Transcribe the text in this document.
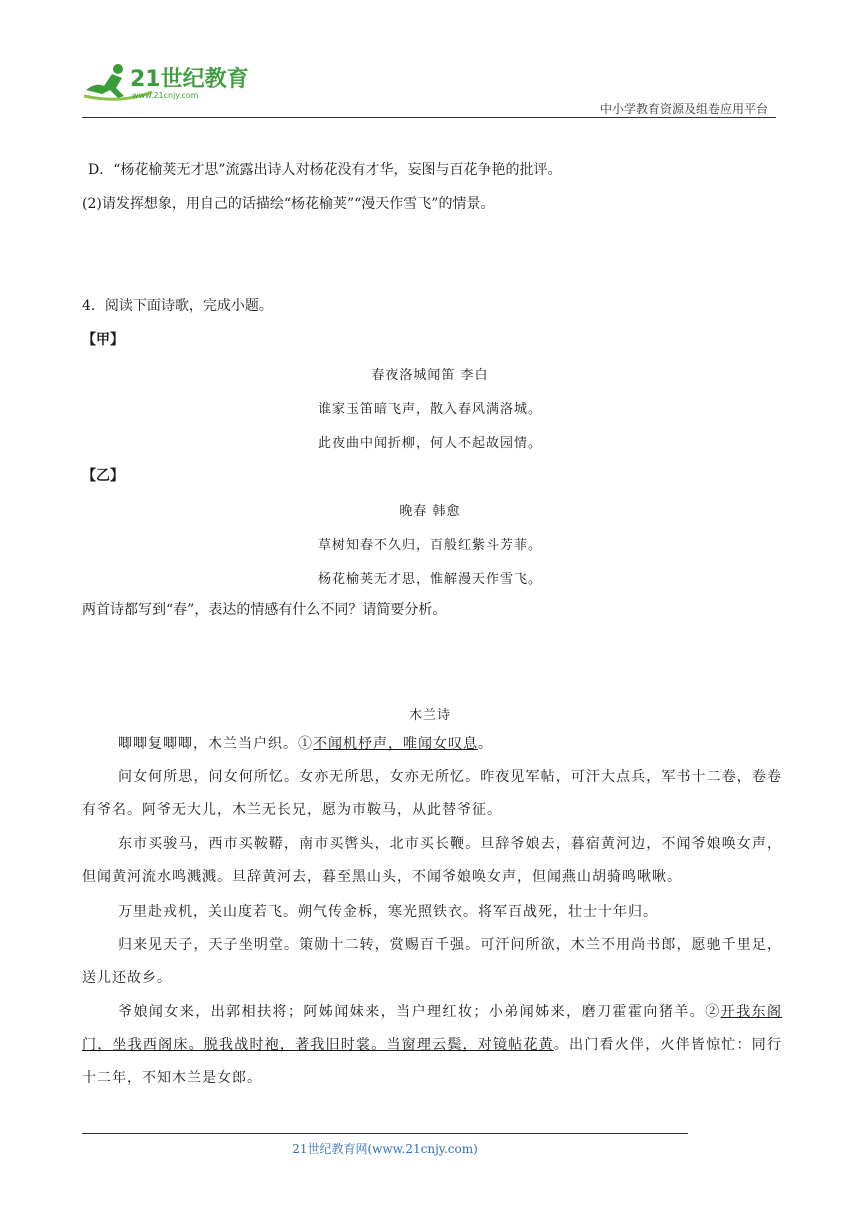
21世纪教育
www.21cnjy.com
中小学教育资源及组卷应用平台
D．“杨花榆荚无才思”流露出诗人对杨花没有才华，妄图与百花争艳的批评。
(2)请发挥想象，用自己的话描绘“杨花榆荚”“漫天作雪飞”的情景。
4．阅读下面诗歌，完成小题。
【甲】
春夜洛城闻笛 李白
谁家玉笛暗飞声，散入春风满洛城。
此夜曲中闻折柳，何人不起故园情。
【乙】
晚春 韩愈
草树知春不久归，百般红紫斗芳菲。
杨花榆荚无才思，惟解漫天作雪飞。
两首诗都写到“春”，表达的情感有什么不同？请简要分析。
木兰诗
唧唧复唧唧，木兰当户织。①不闻机杼声，唯闻女叹息。
问女何所思，问女何所忆。女亦无所思，女亦无所忆。昨夜见军帖，可汗大点兵，军书十二卷，卷卷有爷名。阿爷无大儿，木兰无长兄，愿为市鞍马，从此替爷征。
东市买骏马，西市买鞍鞯，南市买辔头，北市买长鞭。旦辞爷娘去，暮宿黄河边，不闻爷娘唤女声，但闻黄河流水鸣溅溅。旦辞黄河去，暮至黑山头，不闻爷娘唤女声，但闻燕山胡骑鸣啾啾。
万里赴戎机，关山度若飞。朔气传金柝，寒光照铁衣。将军百战死，壮士十年归。
归来见天子，天子坐明堂。策勋十二转，赏赐百千强。可汗问所欲，木兰不用尚书郎，愿驰千里足，送儿还故乡。
爷娘闻女来，出郭相扶将；阿姊闻妹来，当户理红妆；小弟闻姊来，磨刀霍霍向猪羊。②开我东阁门，坐我西阁床。脱我战时袍，著我旧时裳。当窗理云鬓，对镜帖花黄。出门看火伴，火伴皆惊忙：同行十二年，不知木兰是女郎。
21世纪教育网(www.21cnjy.com)
